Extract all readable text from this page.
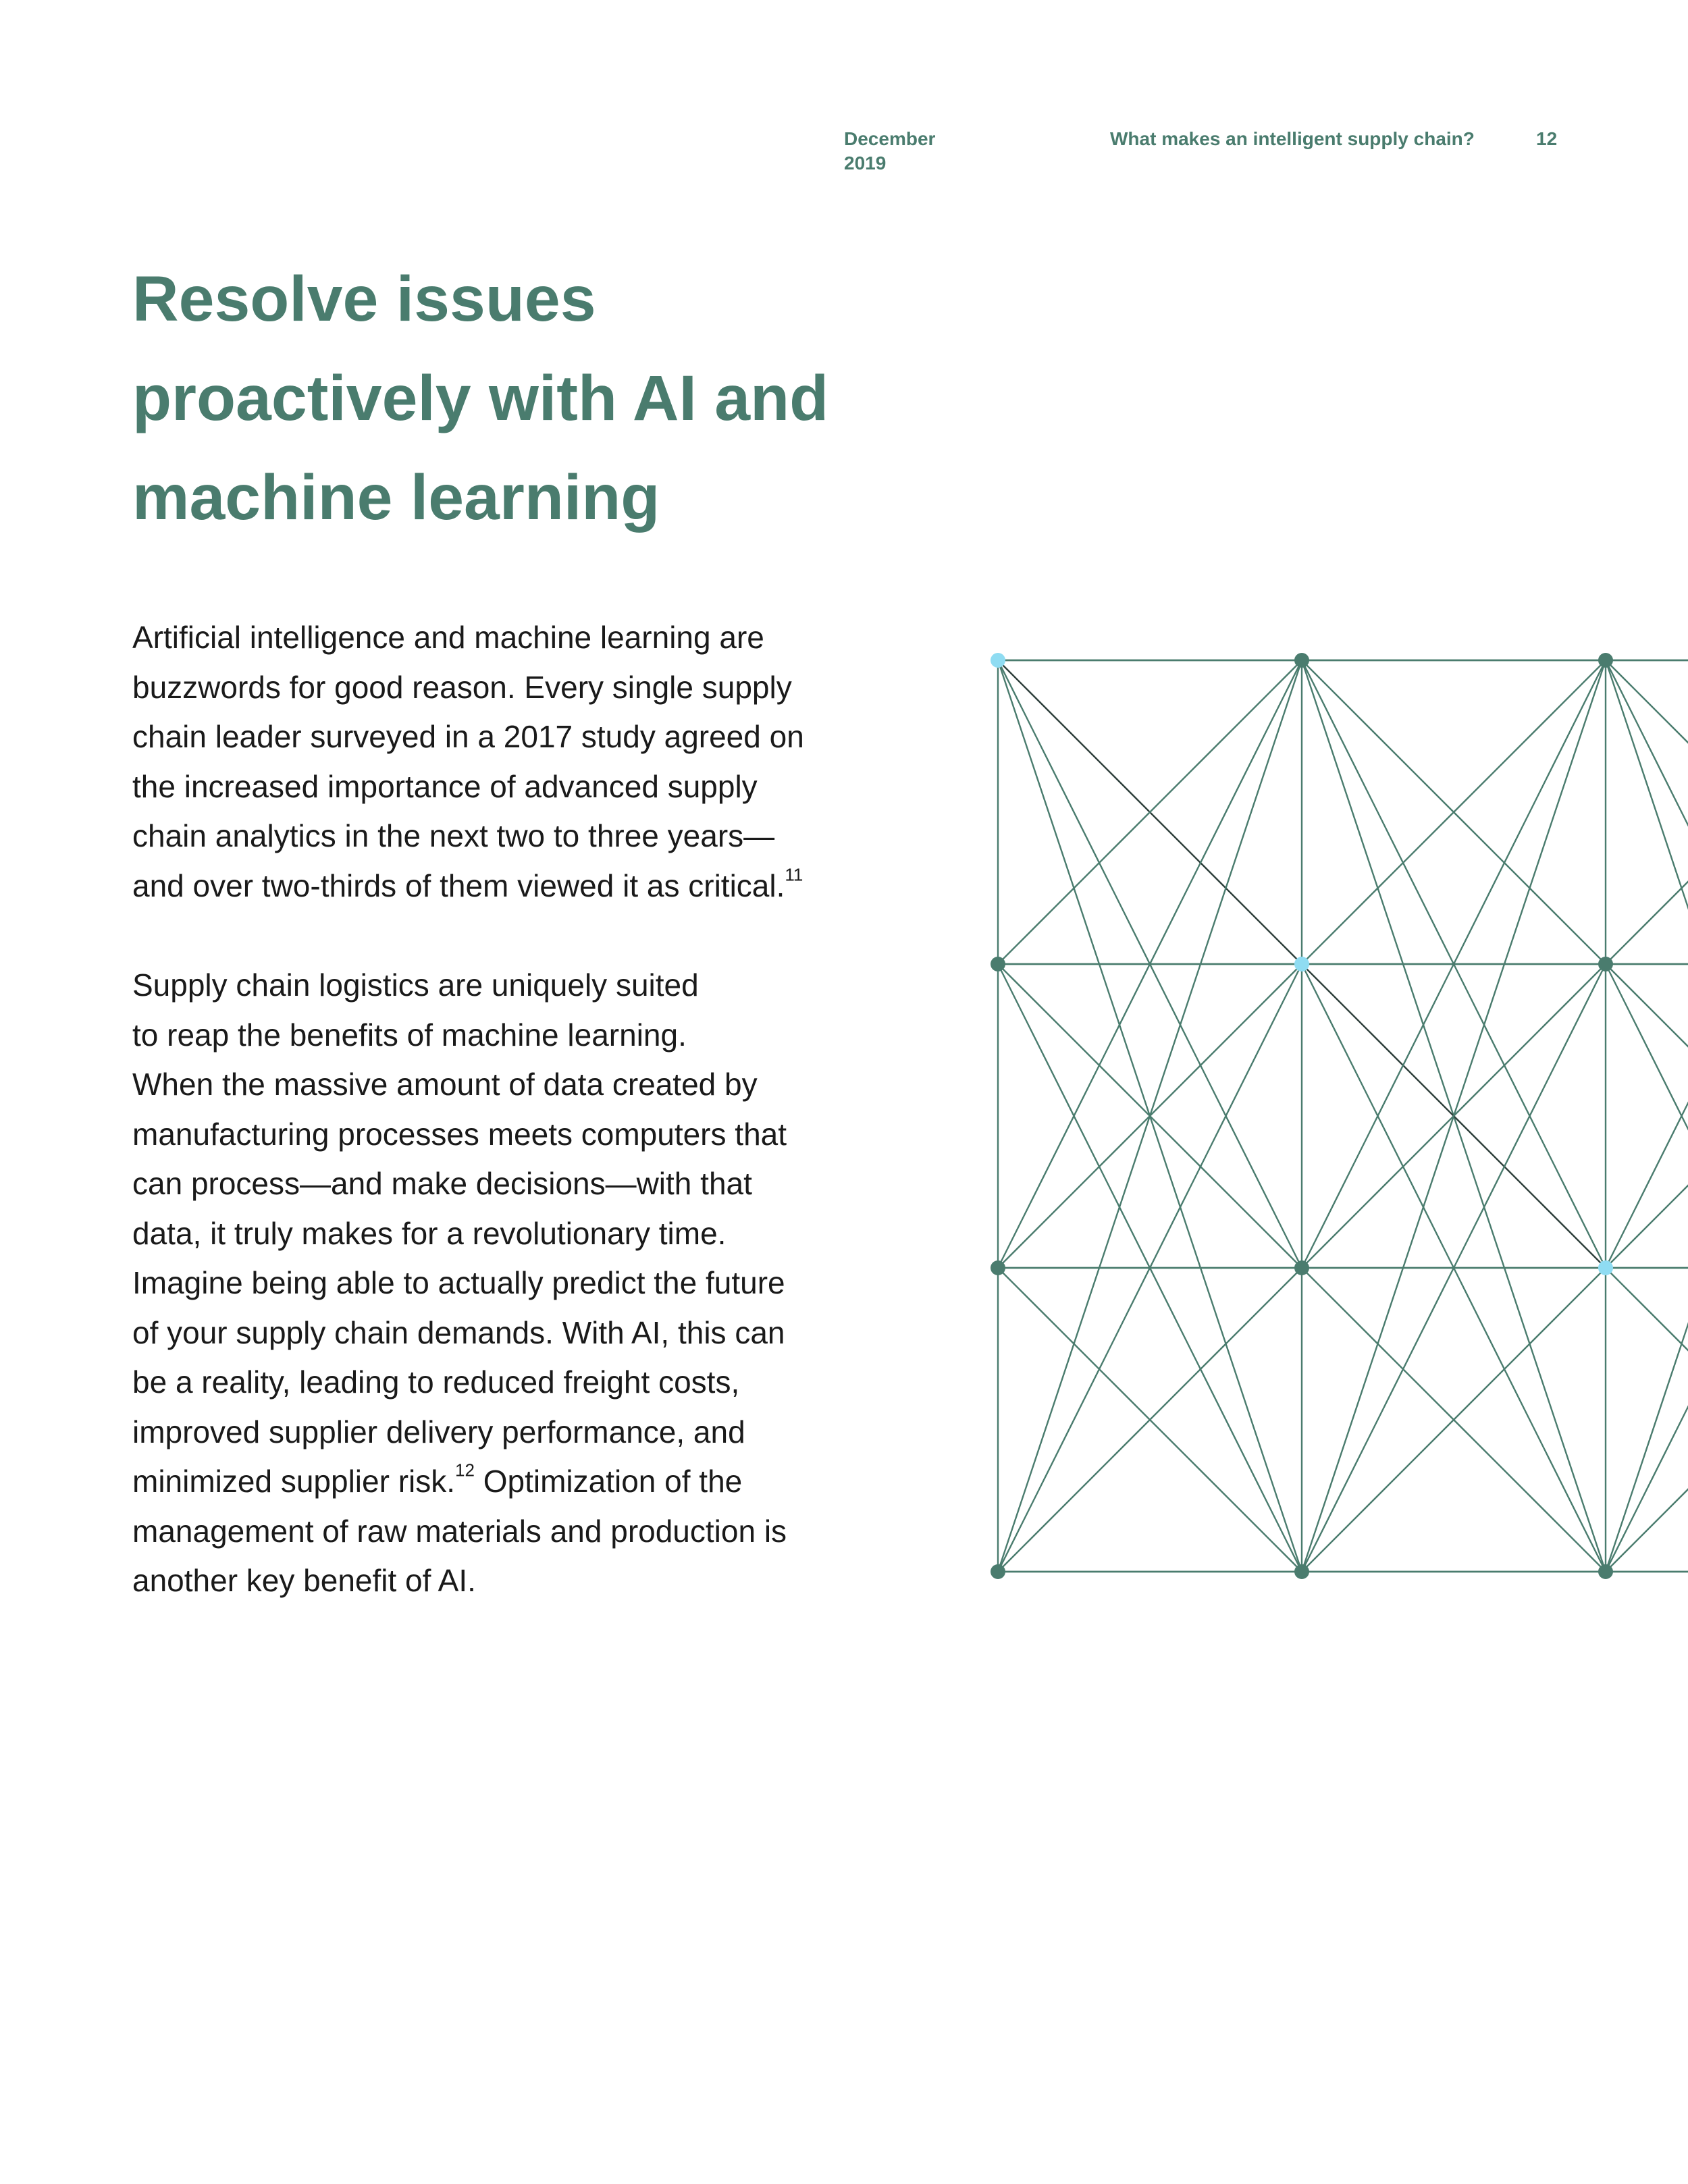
December 2019
What makes an intelligent supply chain?	12
Resolve issues
proactively with AI and
machine learning
Artificial intelligence and machine learning are
buzzwords for good reason. Every single supply
chain leader surveyed in a 2017 study agreed on
the increased importance of advanced supply
chain analytics in the next two to three years—
and over two-thirds of them viewed it as critical.$^{11}$
Supply chain logistics are uniquely suited
to reap the benefits of machine learning.
When the massive amount of data created by
manufacturing processes meets computers that
can process—and make decisions—with that
data, it truly makes for a revolutionary time.
Imagine being able to actually predict the future
of your supply chain demands. With AI, this can
be a reality, leading to reduced freight costs,
improved supplier delivery performance, and
minimized supplier risk.$^{12}$ Optimization of the
management of raw materials and production is
another key benefit of AI.
